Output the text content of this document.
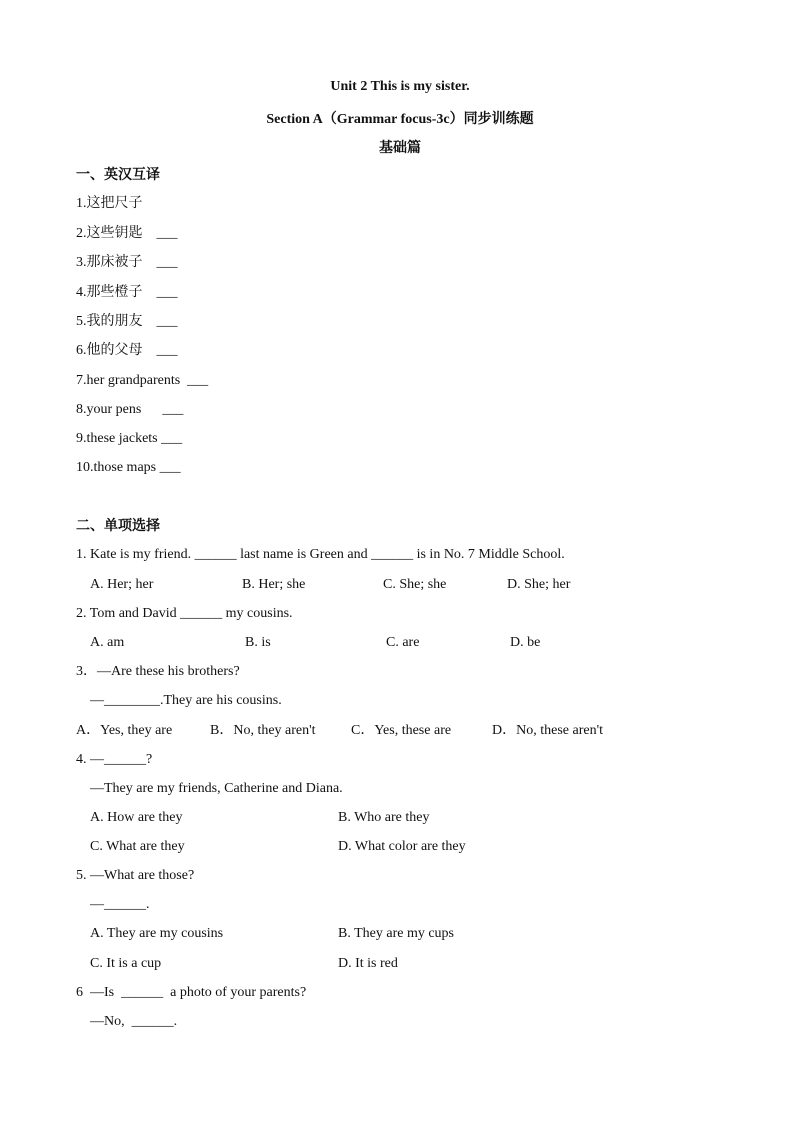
Unit 2 This is my sister.
Section A（Grammar focus-3c）同步训练题
基础篇
一、英汉互译
1.这把尺子
2.这些钥匙    ___
3.那床被子    ___
4.那些橙子    ___
5.我的朋友    ___
6.他的父母    ___
7.her grandparents  ___
8.your pens      ___
9.these jackets ___
10.those maps ___
二、单项选择
1. Kate is my friend. ______ last name is Green and ______ is in No. 7 Middle School.
A. Her; her	B. Her; she	C. She; she	D. She; her
2. Tom and David ______ my cousins.
A. am	B. is	C. are	D. be
3．—Are these his brothers?
—________.They are his cousins.
A．Yes, they are	B．No, they aren't	C．Yes, these are	D．No, these aren't
4. —______?
—They are my friends, Catherine and Diana.
A. How are they	B. Who are they
C. What are they	D. What color are they
5. —What are those?
—______.
A. They are my cousins	B. They are my cups
C. It is a cup	D. It is red
6  —Is  ______  a photo of your parents?
—No,  ______.
